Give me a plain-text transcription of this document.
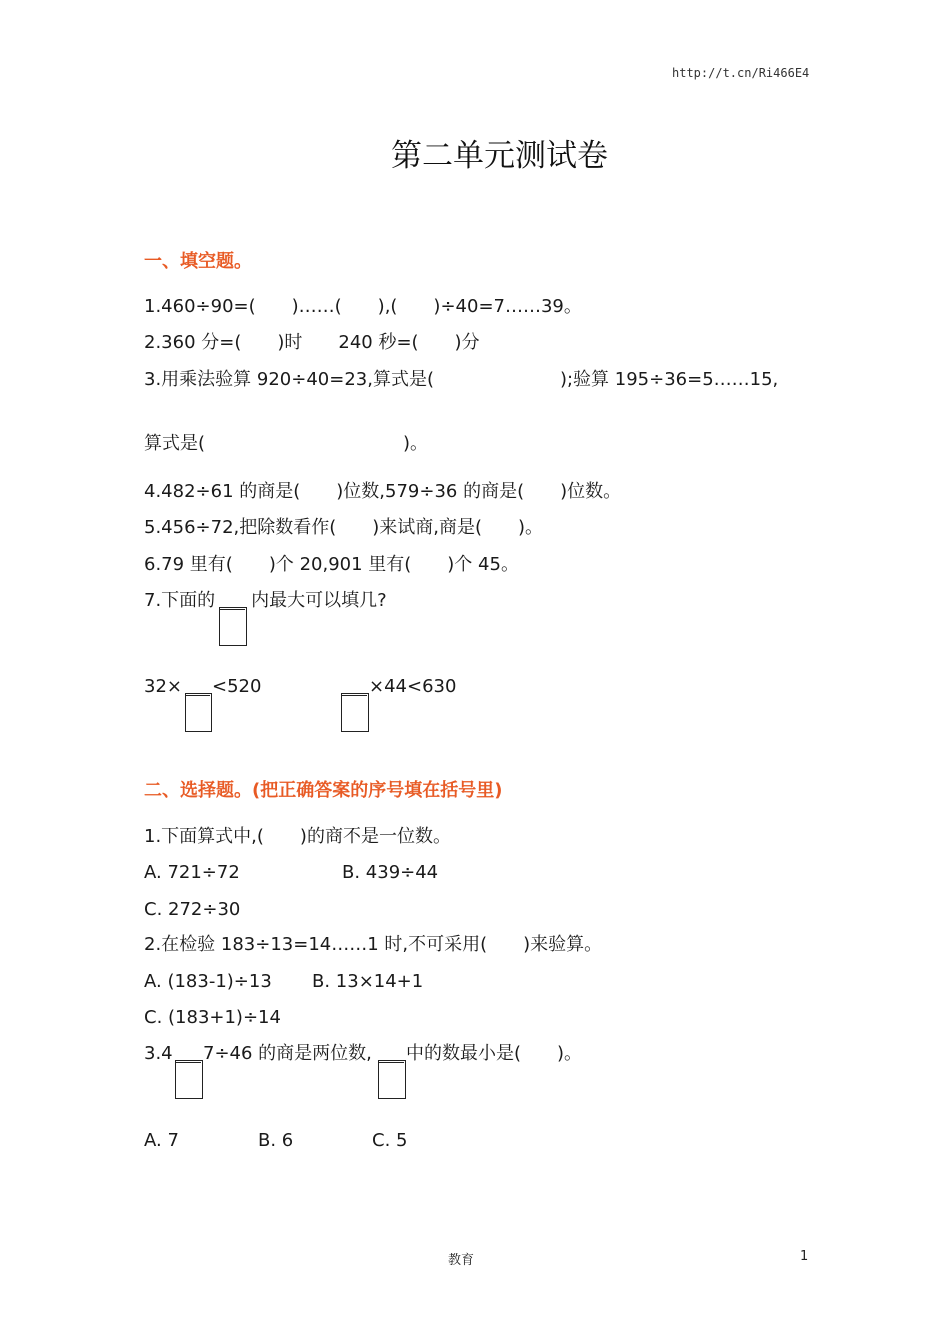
http://t.cn/Ri466E4
第二单元测试卷
一、填空题。
1.460÷90=(　　)……(　　),(　　)÷40=7……39。
2.360 分=(　　)时　　240 秒=(　　)分
3.用乘法验算 920÷40=23,算式是(　　　　　　　);验算 195÷36=5……15,
算式是(　　　　　　　　　　　)。
4.482÷61 的商是(　　)位数,579÷36 的商是(　　)位数。
5.456÷72,把除数看作(　　)来试商,商是(　　)。
6.79 里有(　　)个 20,901 里有(　　)个 45。
7.下面的　　内最大可以填几?
32× <520	×44<630
二、选择题。(把正确答案的序号填在括号里)
1.下面算式中,(　　)的商不是一位数。
A. 721÷72	B. 439÷44
C. 272÷30
2.在检验 183÷13=14……1 时,不可采用(　　)来验算。
A. (183-1)÷13 B. 13×14+1
C. (183+1)÷14
3.4 7÷46 的商是两位数, 中的数最小是(　　)。
A. 7	B. 6	C. 5
教育	1
